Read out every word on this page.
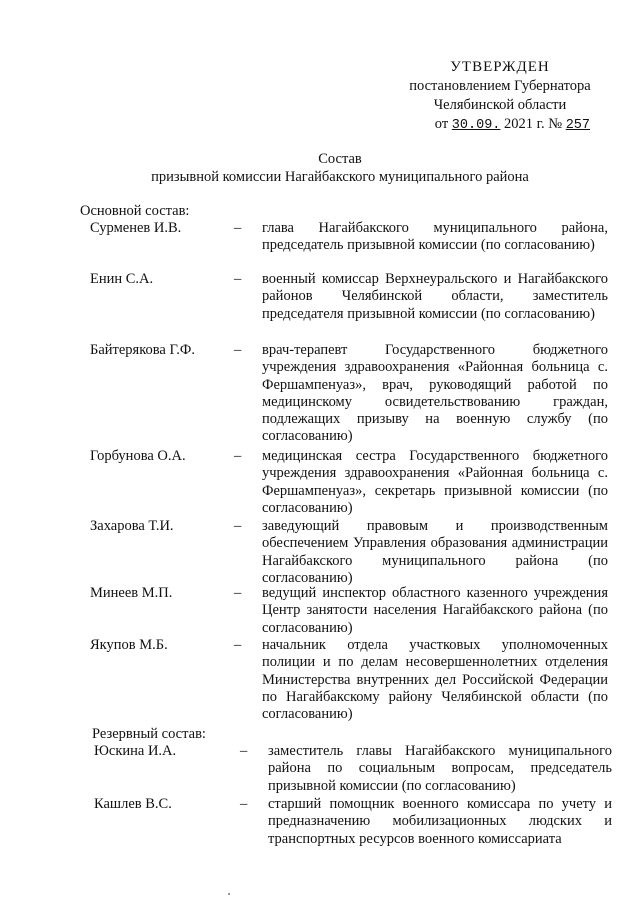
УТВЕРЖДЕН
постановлением Губернатора
Челябинской области
от 30.09. 2021 г. № 257
Состав
призывной комиссии Нагайбакского муниципального района
Основной состав:
Сурменев И.В.	– глава Нагайбакского муниципального района, председатель призывной комиссии (по согласованию)
Енин С.А.	– военный комиссар Верхнеуральского и Нагайбакского районов Челябинской области, заместитель председателя призывной комиссии (по согласованию)
Байтерякова Г.Ф.	– врач-терапевт Государственного бюджетного учреждения здравоохранения «Районная больница с. Фершампенуаз», врач, руководящий работой по медицинскому освидетельствованию граждан, подлежащих призыву на военную службу (по согласованию)
Горбунова О.А.	– медицинская сестра Государственного бюджетного учреждения здравоохранения «Районная больница с. Фершампенуаз», секретарь призывной комиссии (по согласованию)
Захарова Т.И.	– заведующий правовым и производственным обеспечением Управления образования администрации Нагайбакского муниципального района (по согласованию)
Минеев М.П.	– ведущий инспектор областного казенного учреждения Центр занятости населения Нагайбакского района (по согласованию)
Якупов М.Б.	– начальник отдела участковых уполномоченных полиции и по делам несовершеннолетних отделения Министерства внутренних дел Российской Федерации по Нагайбакскому району Челябинской области (по согласованию)
Резервный состав:
Юскина И.А.	– заместитель главы Нагайбакского муниципального района по социальным вопросам, председатель призывной комиссии (по согласованию)
Кашлев В.С.	– старший помощник военного комиссара по учету и предназначению мобилизационных людских и транспортных ресурсов военного комиссариата
